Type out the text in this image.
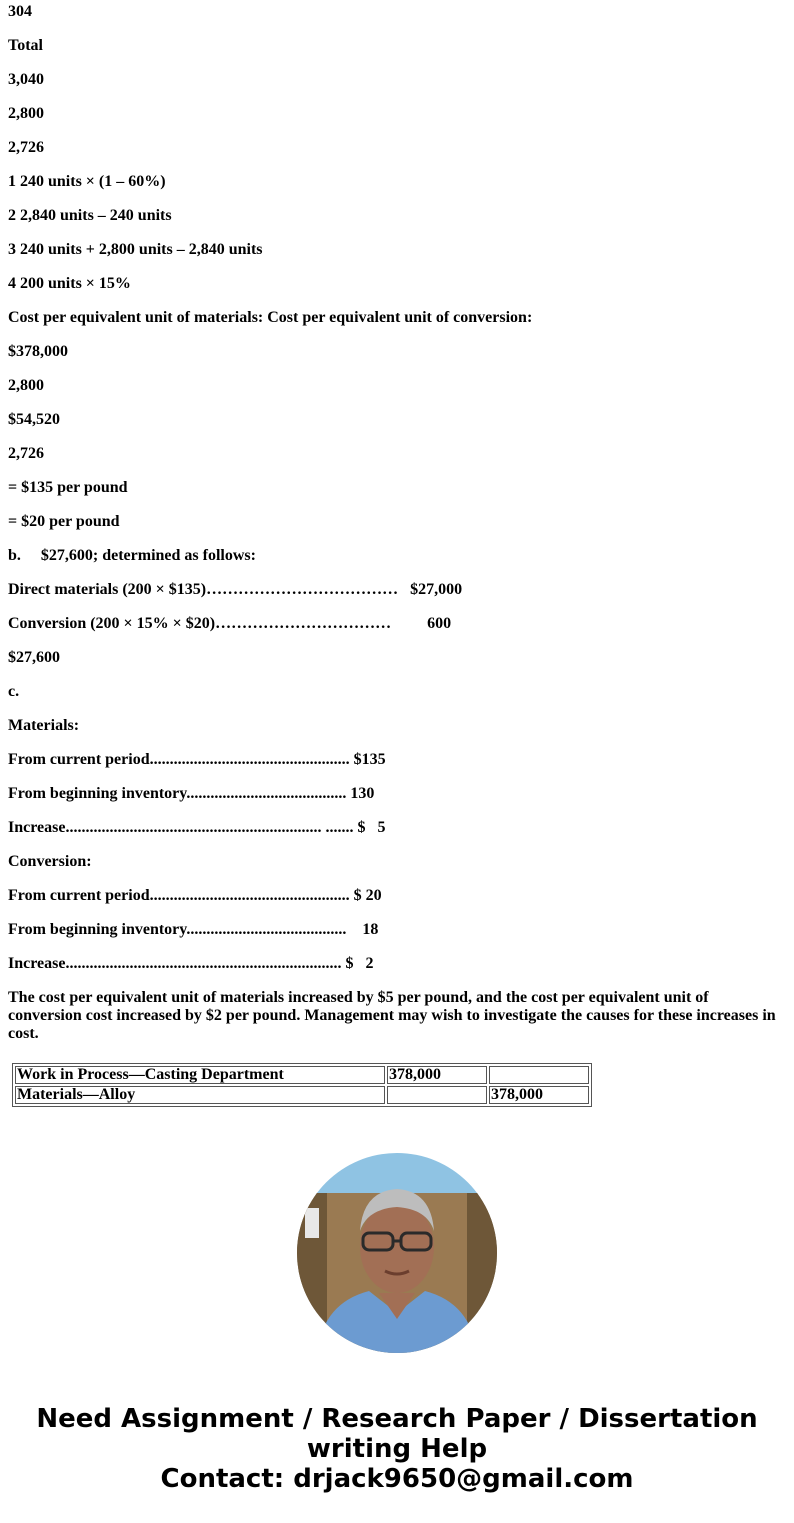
304
Total
3,040
2,800
2,726
1 240 units × (1 – 60%)
2 2,840 units – 240 units
3 240 units + 2,800 units – 2,840 units
4 200 units × 15%
Cost per equivalent unit of materials: Cost per equivalent unit of conversion:
$378,000
2,800
$54,520
2,726
= $135 per pound
= $20 per pound
b.     $27,600; determined as follows:
Direct materials (200 × $135)………………………………   $27,000
Conversion (200 × 15% × $20)……………………………         600
$27,600
c.
Materials:
From current period.................................................. $135
From beginning inventory........................................ 130
Increase................................................................ ....... $   5
Conversion:
From current period.................................................. $ 20
From beginning inventory........................................    18
Increase..................................................................... $   2
The cost per equivalent unit of materials increased by $5 per pound, and the cost per equivalent unit of conversion cost increased by $2 per pound. Management may wish to investigate the causes for these increases in cost.
Work in Process—Casting Department	378,000	
Materials—Alloy		378,000
Need Assignment / Research Paper / Dissertation
writing Help
Contact: drjack9650@gmail.com
